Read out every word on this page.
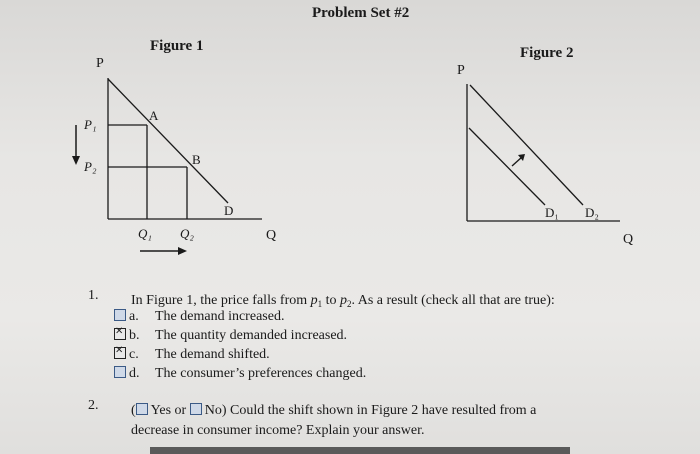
Problem Set #2
Figure 1
P
A
B
D
P₁
P₂
Q₁ Q₂	Q
Figure 2
P
D₁ D₂
Q
1. In Figure 1, the price falls from $p_1$ to $p_2$. As a result (check all that are true):
a. The demand increased.
✕b. The quantity demanded increased.
✕c. The demand shifted.
d. The consumer’s preferences changed.
2. ( Yes or No) Could the shift shown in Figure 2 have resulted from a
decrease in consumer income? Explain your answer.
